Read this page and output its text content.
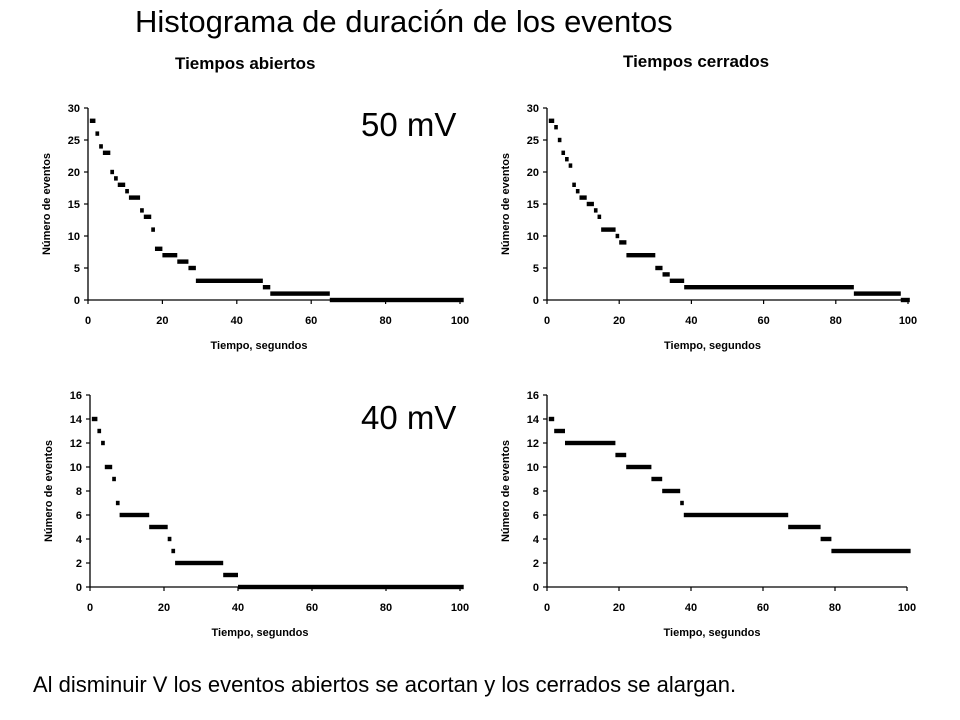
Histograma de duración de los eventos
Tiempos abiertos	Tiempos cerrados
50 mV
40 mV
0
5
10
15
20
25
30
0	20	40	60	80	100
Tiempo, segundos
Número de eventos
0
5
10
15
20
25
30
0	20	40	60	80	100
Tiempo, segundos
Número de eventos
0
2
4
6
8
10
12
14
16
0	20	40	60	80	100
Tiempo, segundos
Número de eventos
0
2
4
6
8
10
12
14
16
0	20	40	60	80	100
Tiempo, segundos
Número de eventos
Al disminuir V los eventos abiertos se acortan y los cerrados se alargan.
